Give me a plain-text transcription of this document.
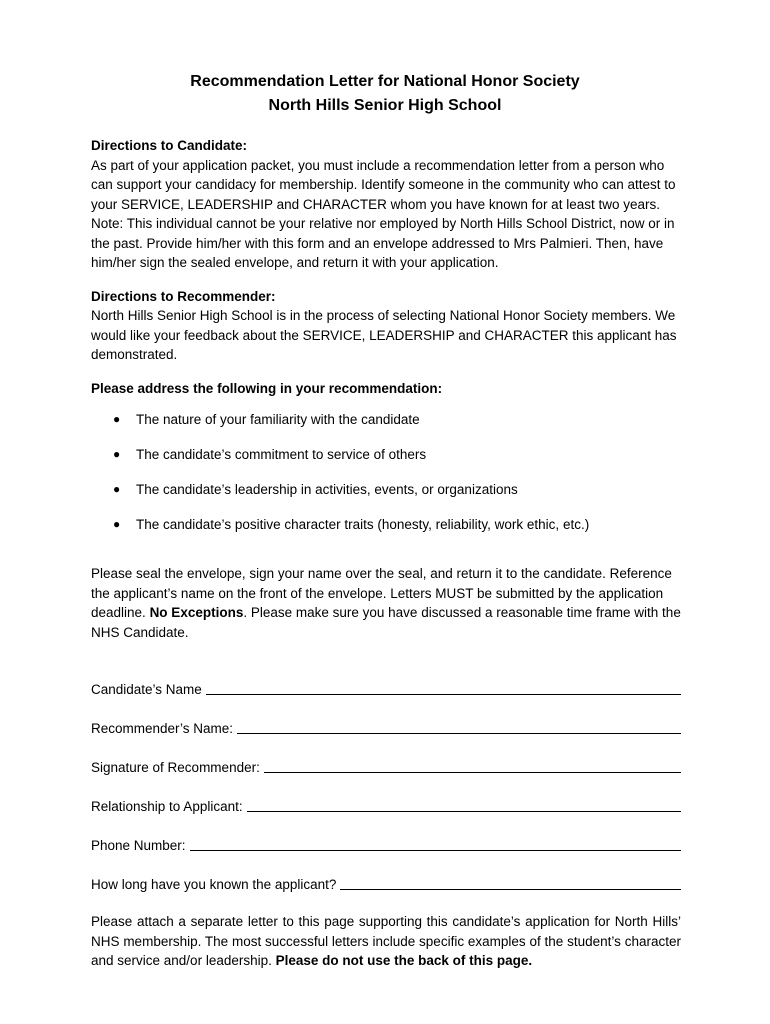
Recommendation Letter for National Honor Society
North Hills Senior High School
Directions to Candidate:
As part of your application packet, you must include a recommendation letter from a person who can support your candidacy for membership. Identify someone in the community who can attest to your SERVICE, LEADERSHIP and CHARACTER whom you have known for at least two years. Note: This individual cannot be your relative nor employed by North Hills School District, now or in the past. Provide him/her with this form and an envelope addressed to Mrs Palmieri. Then, have him/her sign the sealed envelope, and return it with your application.
Directions to Recommender:
North Hills Senior High School is in the process of selecting National Honor Society members. We would like your feedback about the SERVICE, LEADERSHIP and CHARACTER this applicant has demonstrated.
Please address the following in your recommendation:
● The nature of your familiarity with the candidate
● The candidate’s commitment to service of others
● The candidate’s leadership in activities, events, or organizations
● The candidate’s positive character traits (honesty, reliability, work ethic, etc.)
Please seal the envelope, sign your name over the seal, and return it to the candidate. Reference the applicant’s name on the front of the envelope. Letters MUST be submitted by the application deadline. No Exceptions. Please make sure you have discussed a reasonable time frame with the NHS Candidate.
Candidate’s Name
Recommender’s Name:
Signature of Recommender:
Relationship to Applicant:
Phone Number:
How long have you known the applicant?
Please attach a separate letter to this page supporting this candidate’s application for North Hills’ NHS membership. The most successful letters include specific examples of the student’s character and service and/or leadership. Please do not use the back of this page.
